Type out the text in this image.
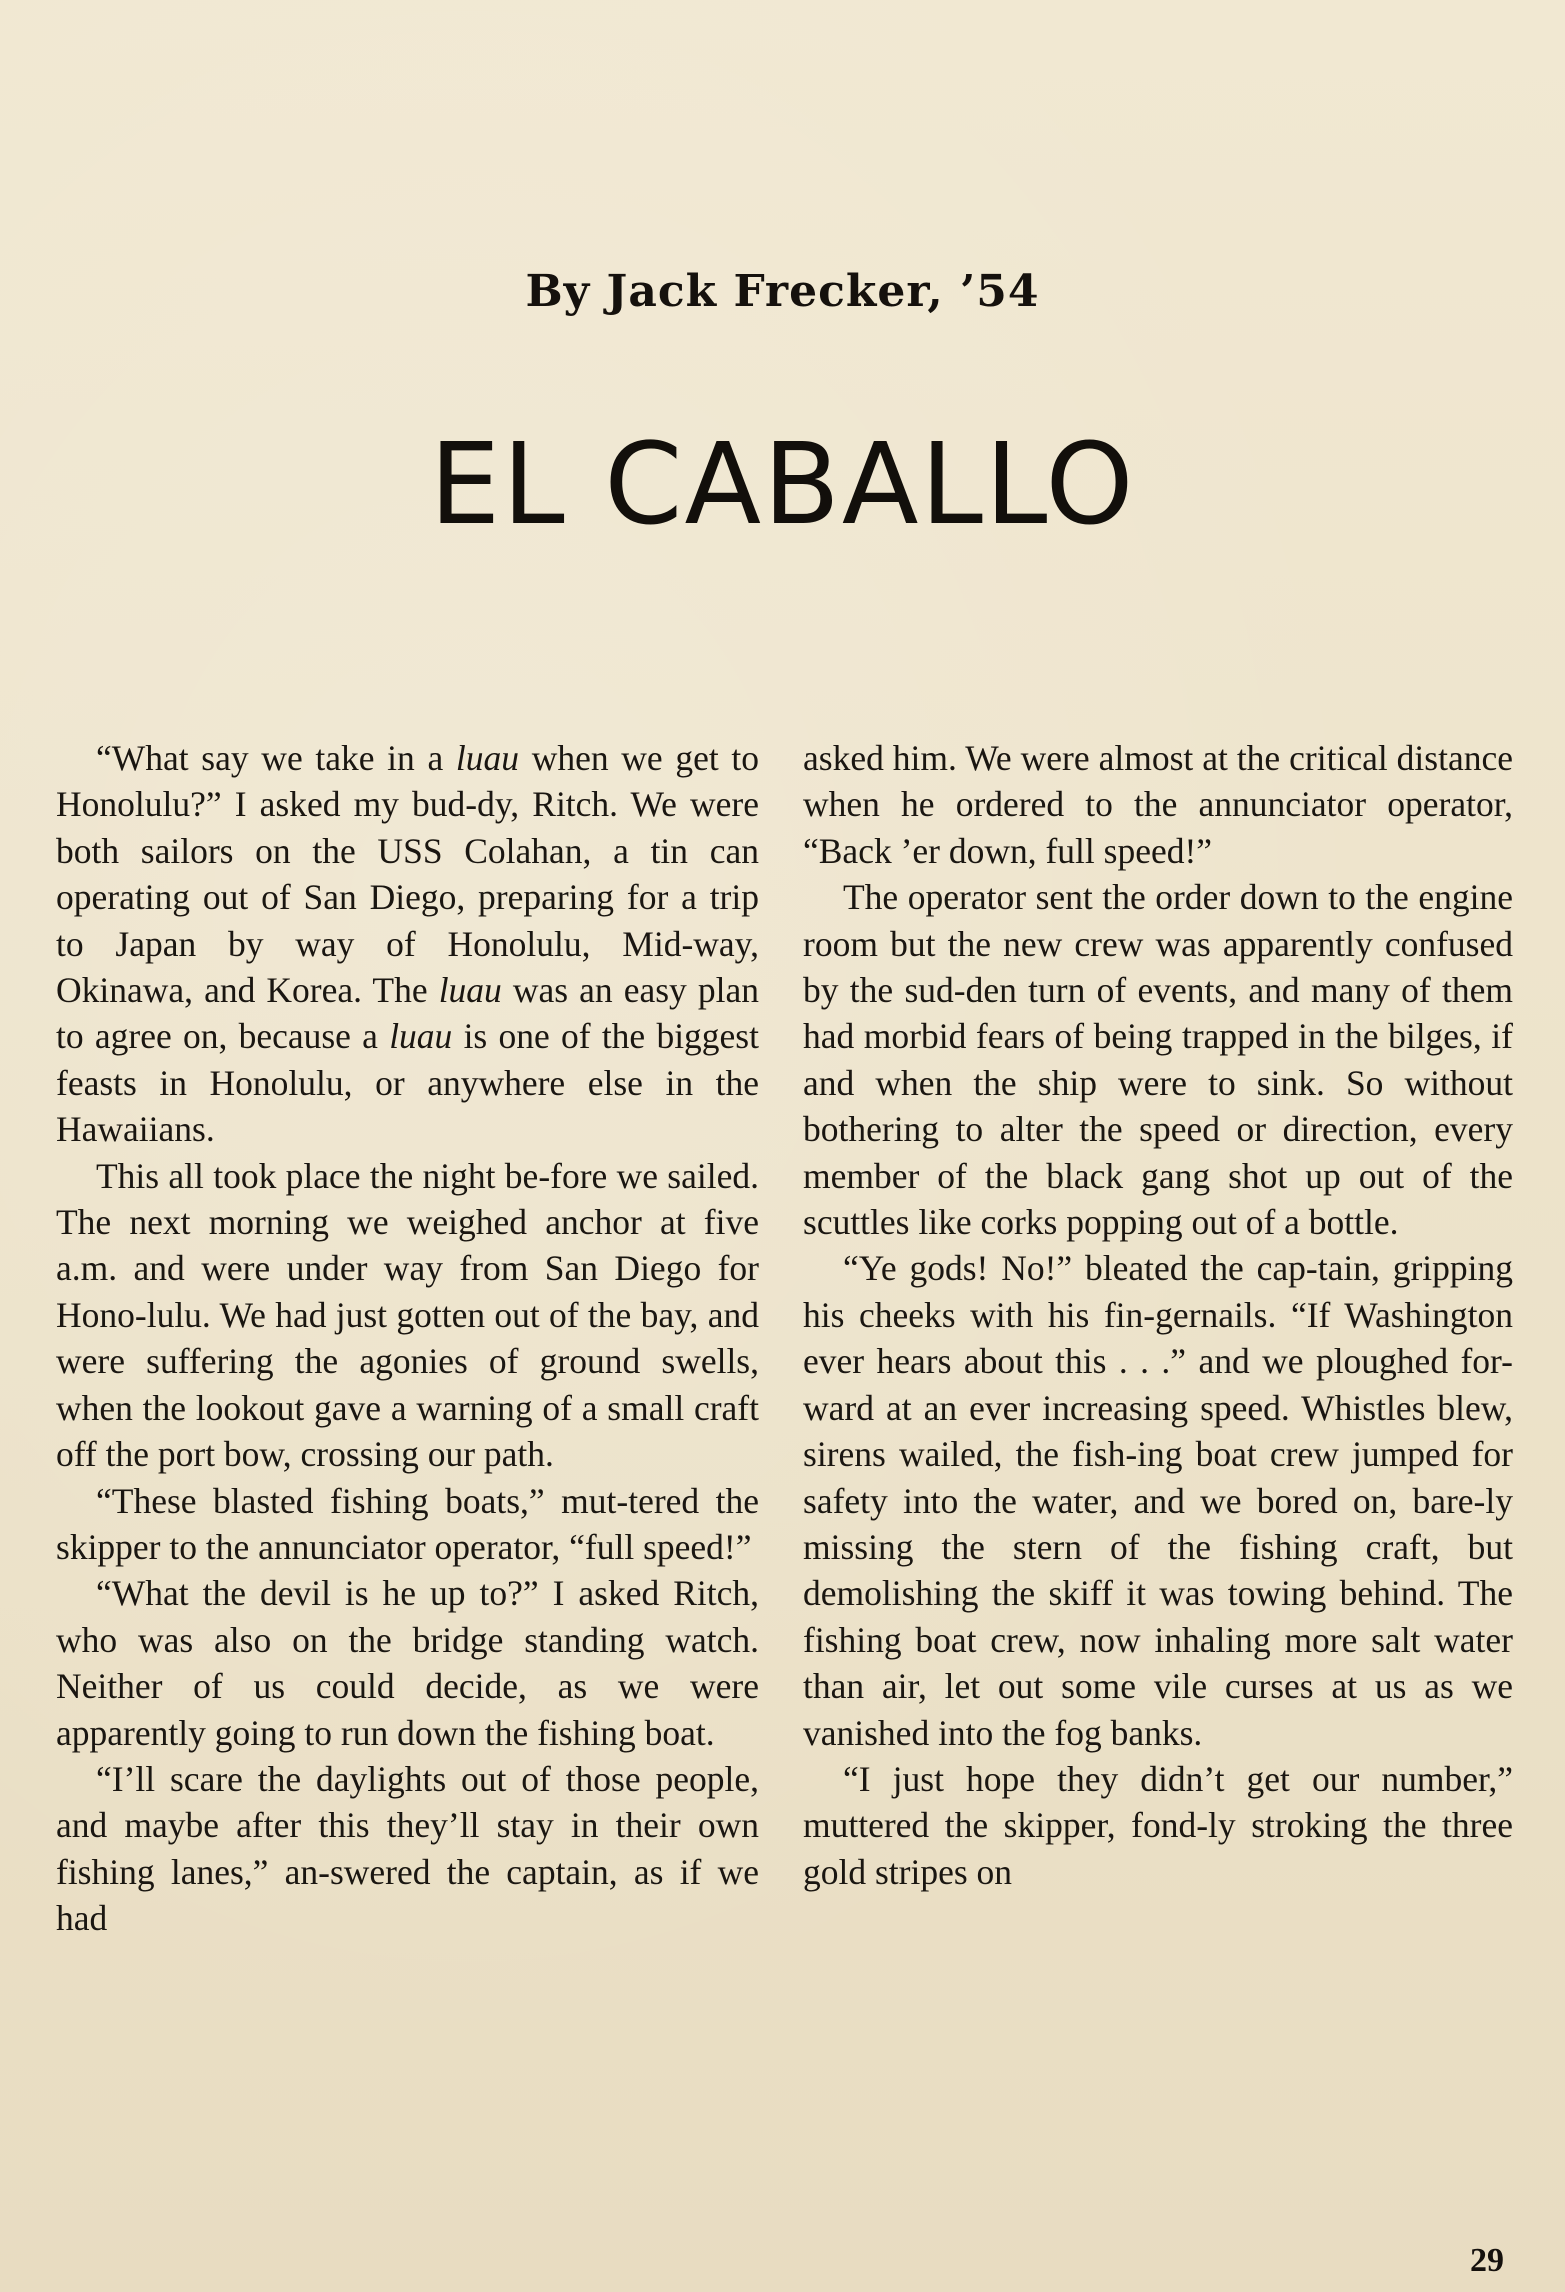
By Jack Frecker, ’54
EL CABALLO

“What say we take in a luau when we get to Honolulu?” I asked my bud-dy, Ritch. We were both sailors on the USS Colahan, a tin can operating out of San Diego, preparing for a trip to Japan by way of Honolulu, Mid-way, Okinawa, and Korea. The luau was an easy plan to agree on, because a luau is one of the biggest feasts in Honolulu, or anywhere else in the Hawaiians.

This all took place the night be-fore we sailed. The next morning we weighed anchor at five a.m. and were under way from San Diego for Hono-lulu. We had just gotten out of the bay, and were suffering the agonies of ground swells, when the lookout gave a warning of a small craft off the port bow, crossing our path.

“These blasted fishing boats,” mut-tered the skipper to the annunciator operator, “full speed!”

“What the devil is he up to?” I asked Ritch, who was also on the bridge standing watch. Neither of us could decide, as we were apparently going to run down the fishing boat.

“I’ll scare the daylights out of those people, and maybe after this they’ll stay in their own fishing lanes,” an-swered the captain, as if we had

asked him. We were almost at the critical distance when he ordered to the annunciator operator, “Back ’er down, full speed!”

The operator sent the order down to the engine room but the new crew was apparently confused by the sud-den turn of events, and many of them had morbid fears of being trapped in the bilges, if and when the ship were to sink. So without bothering to alter the speed or direction, every member of the black gang shot up out of the scuttles like corks popping out of a bottle.

“Ye gods! No!” bleated the cap-tain, gripping his cheeks with his fin-gernails. “If Washington ever hears about this . . .” and we ploughed for-ward at an ever increasing speed. Whistles blew, sirens wailed, the fish-ing boat crew jumped for safety into the water, and we bored on, bare-ly missing the stern of the fishing craft, but demolishing the skiff it was towing behind. The fishing boat crew, now inhaling more salt water than air, let out some vile curses at us as we vanished into the fog banks.

“I just hope they didn’t get our number,” muttered the skipper, fond-ly stroking the three gold stripes on

29
